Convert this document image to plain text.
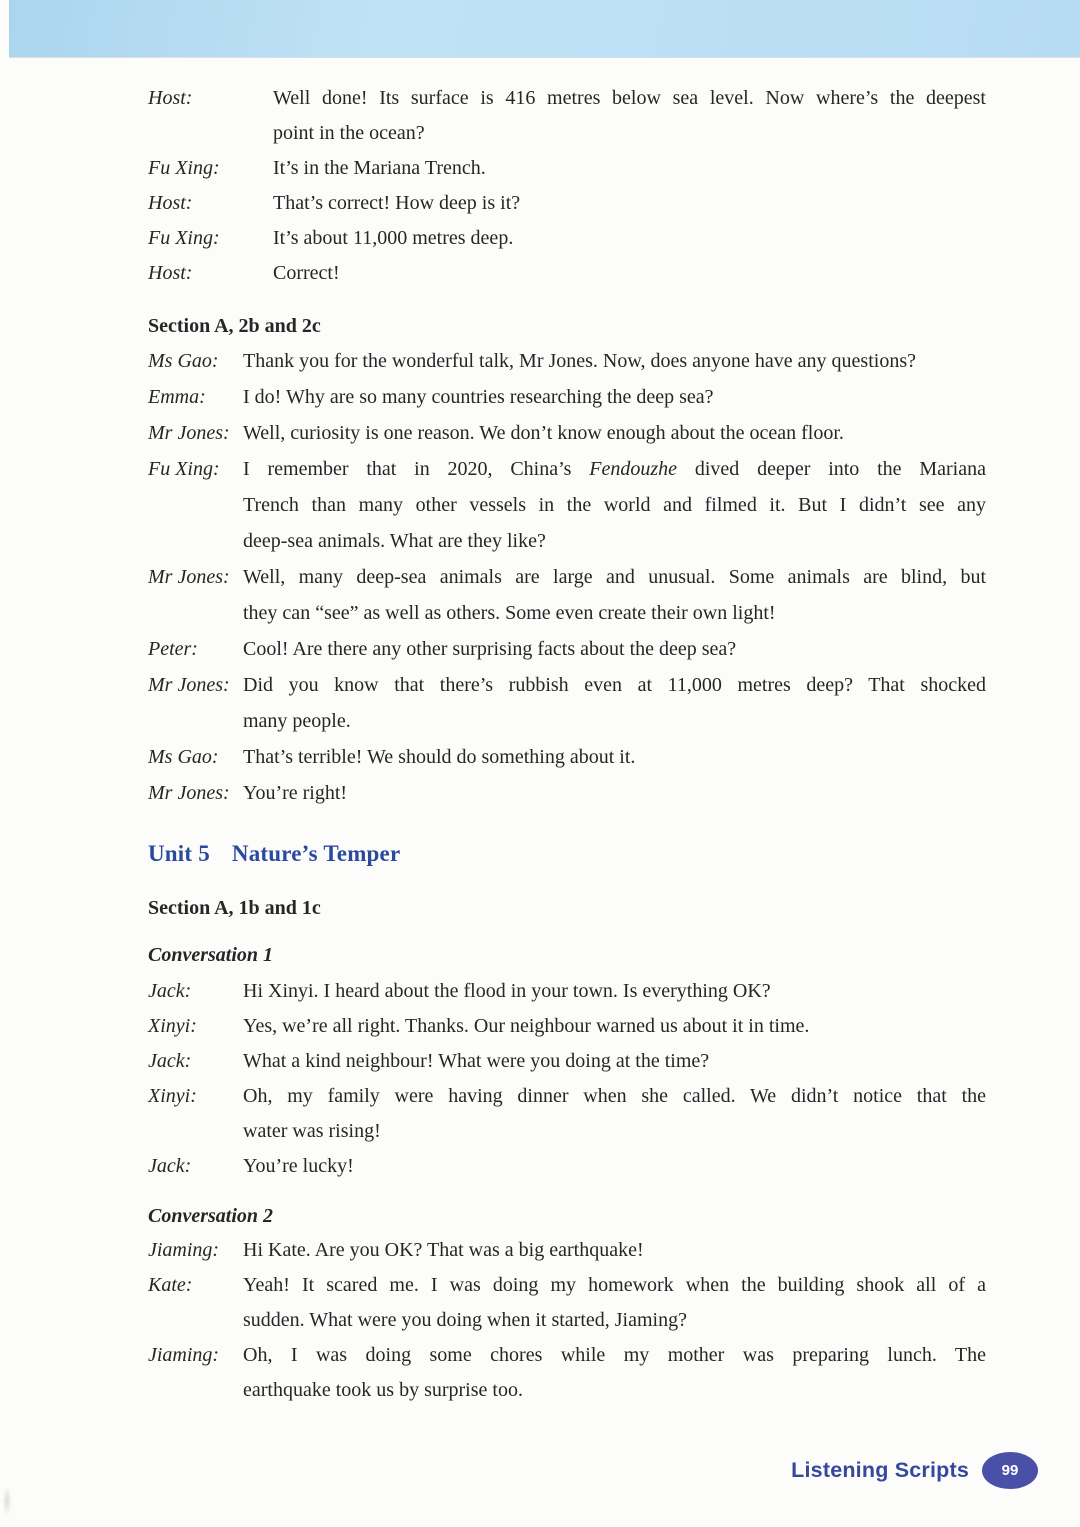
Host:	Well done! Its surface is 416 metres below sea level. Now where’s the deepest
point in the ocean?
Fu Xing:	It’s in the Mariana Trench.
Host:	That’s correct! How deep is it?
Fu Xing:	It’s about 11,000 metres deep.
Host:	Correct!
Section A, 2b and 2c
Ms Gao:	Thank you for the wonderful talk, Mr Jones. Now, does anyone have any questions?
Emma:	I do! Why are so many countries researching the deep sea?
Mr Jones: Well, curiosity is one reason. We don’t know enough about the ocean floor.
Fu Xing:	I remember that in 2020, China’s Fendouzhe dived deeper into the Mariana
Trench than many other vessels in the world and filmed it. But I didn’t see any
deep-sea animals. What are they like?
Mr Jones: Well, many deep-sea animals are large and unusual. Some animals are blind, but
they can “see” as well as others. Some even create their own light!
Peter:	Cool! Are there any other surprising facts about the deep sea?
Mr Jones: Did you know that there’s rubbish even at 11,000 metres deep? That shocked
many people.
Ms Gao:	That’s terrible! We should do something about it.
Mr Jones: You’re right!
Unit 5 Nature’s Temper
Section A, 1b and 1c
Conversation 1
Jack:	Hi Xinyi. I heard about the flood in your town. Is everything OK?
Xinyi:	Yes, we’re all right. Thanks. Our neighbour warned us about it in time.
Jack:	What a kind neighbour! What were you doing at the time?
Xinyi:	Oh, my family were having dinner when she called. We didn’t notice that the
water was rising!
Jack:	You’re lucky!
Conversation 2
Jiaming:	Hi Kate. Are you OK? That was a big earthquake!
Kate:	Yeah! It scared me. I was doing my homework when the building shook all of a
sudden. What were you doing when it started, Jiaming?
Jiaming:	Oh, I was doing some chores while my mother was preparing lunch. The
earthquake took us by surprise too.
Listening Scripts 99
